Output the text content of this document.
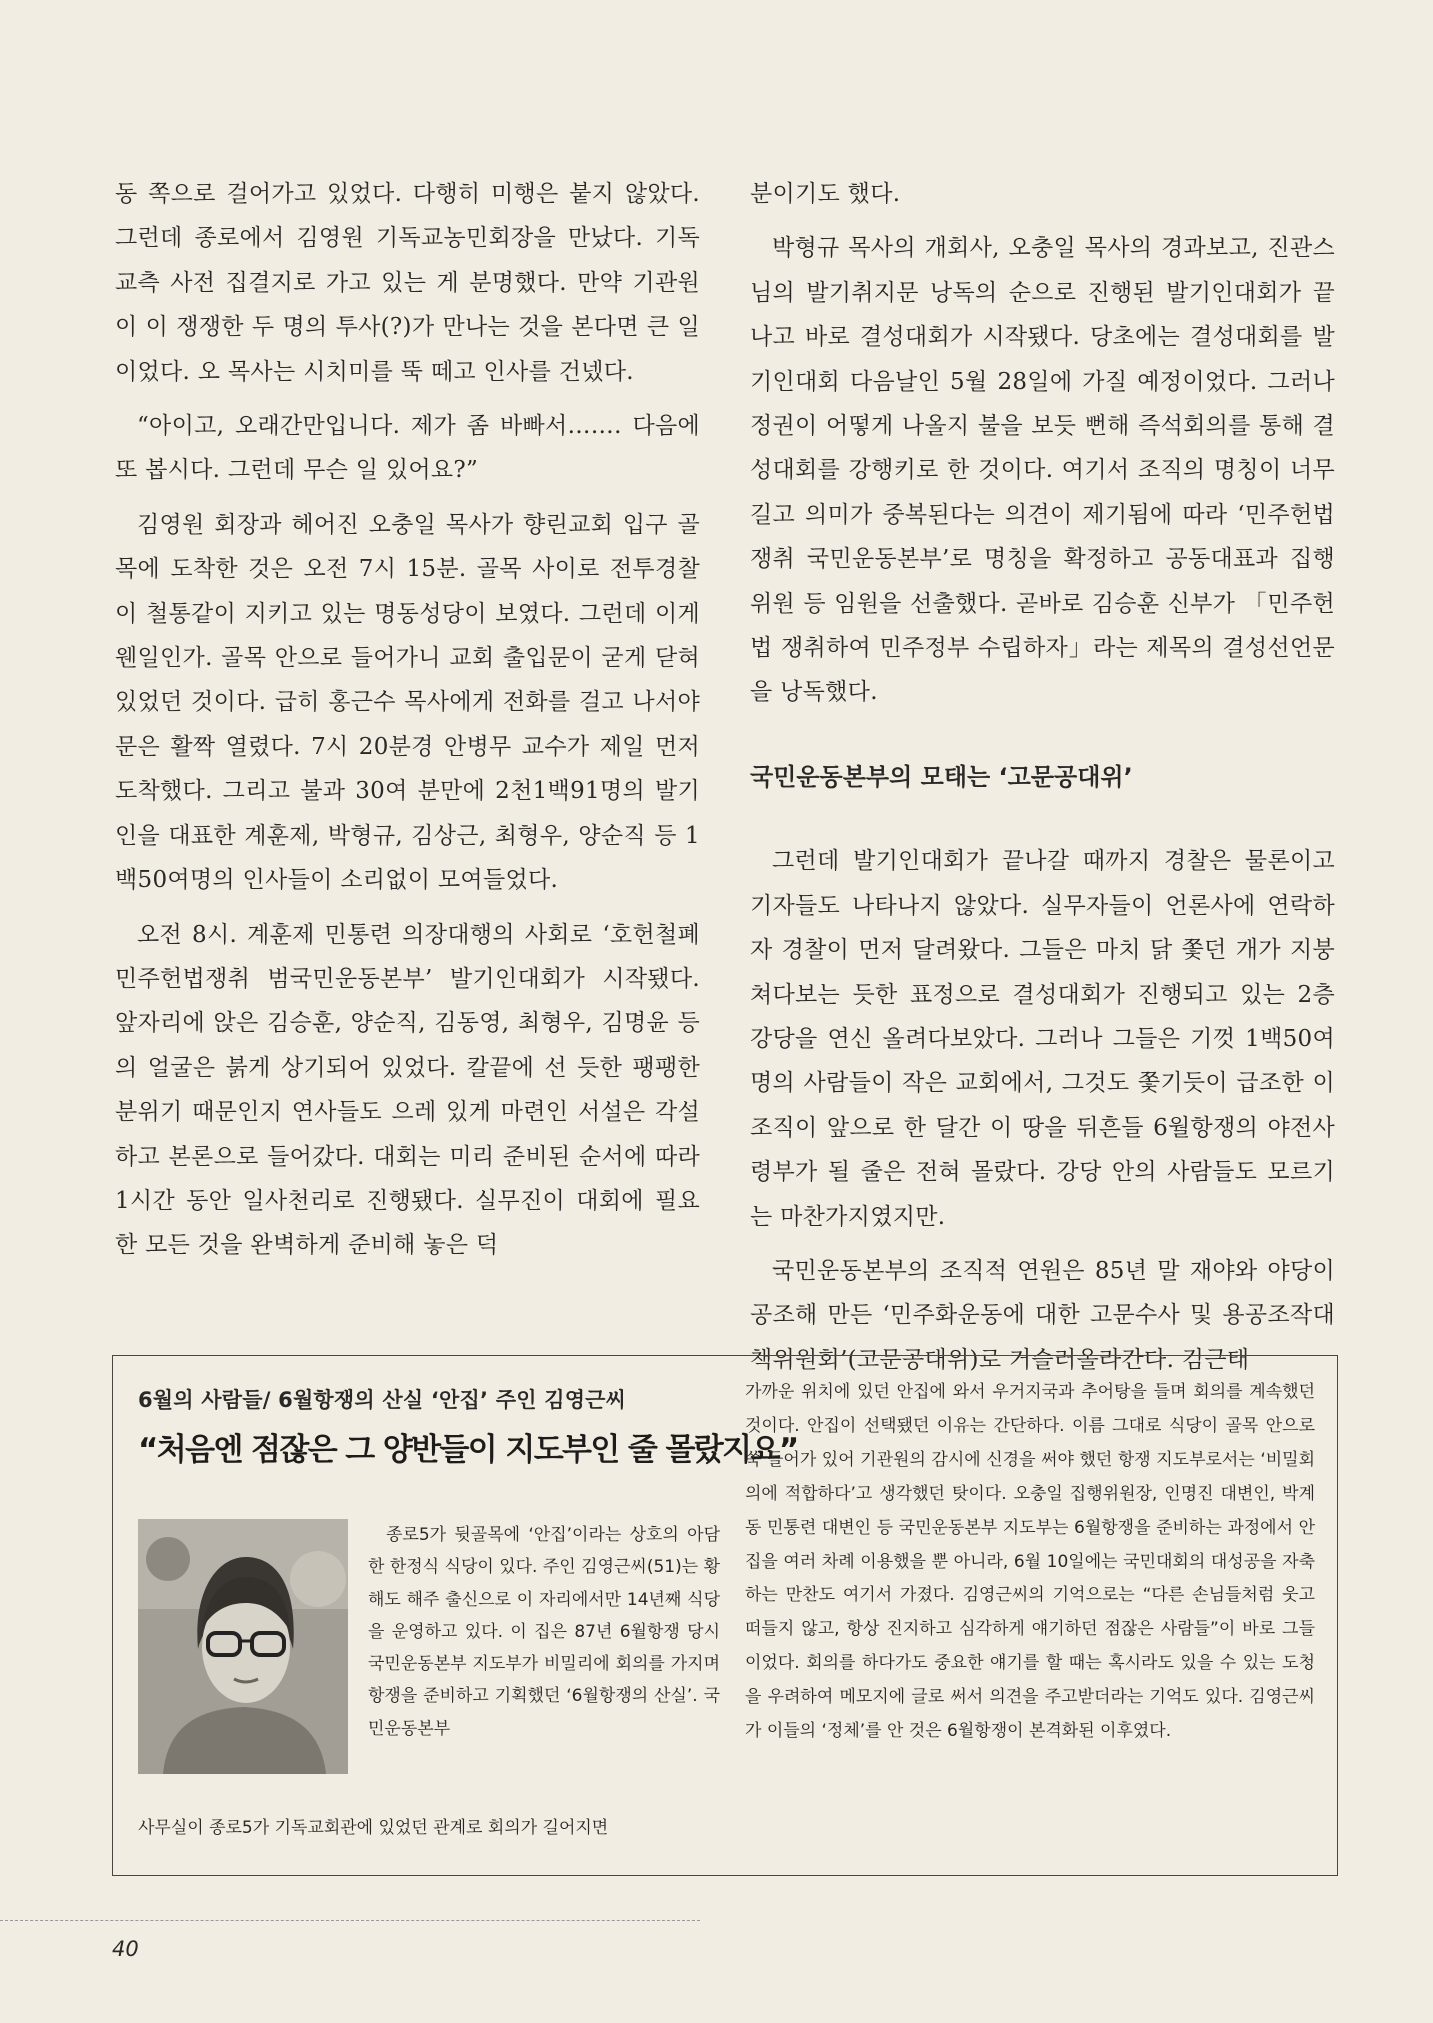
동 쪽으로 걸어가고 있었다. 다행히 미행은 붙지 않았다. 그런데 종로에서 김영원 기독교농민회장을 만났다. 기독교측 사전 집결지로 가고 있는 게 분명했다. 만약 기관원이 이 쟁쟁한 두 명의 투사(?)가 만나는 것을 본다면 큰 일이었다. 오 목사는 시치미를 뚝 떼고 인사를 건넸다.

“아이고, 오래간만입니다. 제가 좀 바빠서……. 다음에 또 봅시다. 그런데 무슨 일 있어요?”

김영원 회장과 헤어진 오충일 목사가 향린교회 입구 골목에 도착한 것은 오전 7시 15분. 골목 사이로 전투경찰이 철통같이 지키고 있는 명동성당이 보였다. 그런데 이게 웬일인가. 골목 안으로 들어가니 교회 출입문이 굳게 닫혀 있었던 것이다. 급히 홍근수 목사에게 전화를 걸고 나서야 문은 활짝 열렸다. 7시 20분경 안병무 교수가 제일 먼저 도착했다. 그리고 불과 30여 분만에 2천1백91명의 발기인을 대표한 계훈제, 박형규, 김상근, 최형우, 양순직 등 1백50여명의 인사들이 소리없이 모여들었다.

오전 8시. 계훈제 민통련 의장대행의 사회로 ‘호헌철폐민주헌법쟁취 범국민운동본부’ 발기인대회가 시작됐다. 앞자리에 앉은 김승훈, 양순직, 김동영, 최형우, 김명윤 등의 얼굴은 붉게 상기되어 있었다. 칼끝에 선 듯한 팽팽한 분위기 때문인지 연사들도 으레 있게 마련인 서설은 각설하고 본론으로 들어갔다. 대회는 미리 준비된 순서에 따라 1시간 동안 일사천리로 진행됐다. 실무진이 대회에 필요한 모든 것을 완벽하게 준비해 놓은 덕

분이기도 했다.

박형규 목사의 개회사, 오충일 목사의 경과보고, 진관스님의 발기취지문 낭독의 순으로 진행된 발기인대회가 끝나고 바로 결성대회가 시작됐다. 당초에는 결성대회를 발기인대회 다음날인 5월 28일에 가질 예정이었다. 그러나 정권이 어떻게 나올지 불을 보듯 뻔해 즉석회의를 통해 결성대회를 강행키로 한 것이다. 여기서 조직의 명칭이 너무 길고 의미가 중복된다는 의견이 제기됨에 따라 ‘민주헌법쟁취 국민운동본부’로 명칭을 확정하고 공동대표과 집행위원 등 임원을 선출했다. 곧바로 김승훈 신부가 「민주헌법 쟁취하여 민주정부 수립하자」라는 제목의 결성선언문을 낭독했다.

국민운동본부의 모태는 ‘고문공대위’

그런데 발기인대회가 끝나갈 때까지 경찰은 물론이고 기자들도 나타나지 않았다. 실무자들이 언론사에 연락하자 경찰이 먼저 달려왔다. 그들은 마치 닭 쫓던 개가 지붕 쳐다보는 듯한 표정으로 결성대회가 진행되고 있는 2층 강당을 연신 올려다보았다. 그러나 그들은 기껏 1백50여명의 사람들이 작은 교회에서, 그것도 쫓기듯이 급조한 이 조직이 앞으로 한 달간 이 땅을 뒤흔들 6월항쟁의 야전사령부가 될 줄은 전혀 몰랐다. 강당 안의 사람들도 모르기는 마찬가지였지만.

국민운동본부의 조직적 연원은 85년 말 재야와 야당이 공조해 만든 ‘민주화운동에 대한 고문수사 및 용공조작대책위원회’(고문공대위)로 거슬러올라간다. 김근태

6월의 사람들/ 6월항쟁의 산실 ‘안집’ 주인 김영근씨
“처음엔 점잖은 그 양반들이 지도부인 줄 몰랐지요”

종로5가 뒷골목에 ‘안집’이라는 상호의 아담한 한정식 식당이 있다. 주인 김영근씨(51)는 황해도 해주 출신으로 이 자리에서만 14년째 식당을 운영하고 있다. 이 집은 87년 6월항쟁 당시 국민운동본부 지도부가 비밀리에 회의를 가지며 항쟁을 준비하고 기획했던 ‘6월항쟁의 산실’. 국민운동본부

사무실이 종로5가 기독교회관에 있었던 관계로 회의가 길어지면

가까운 위치에 있던 안집에 와서 우거지국과 추어탕을 들며 회의를 계속했던 것이다. 안집이 선택됐던 이유는 간단하다. 이름 그대로 식당이 골목 안으로 쑥 들어가 있어 기관원의 감시에 신경을 써야 했던 항쟁 지도부로서는 ‘비밀회의에 적합하다’고 생각했던 탓이다. 오충일 집행위원장, 인명진 대변인, 박계동 민통련 대변인 등 국민운동본부 지도부는 6월항쟁을 준비하는 과정에서 안집을 여러 차례 이용했을 뿐 아니라, 6월 10일에는 국민대회의 대성공을 자축하는 만찬도 여기서 가졌다. 김영근씨의 기억으로는 “다른 손님들처럼 웃고 떠들지 않고, 항상 진지하고 심각하게 얘기하던 점잖은 사람들”이 바로 그들이었다. 회의를 하다가도 중요한 얘기를 할 때는 혹시라도 있을 수 있는 도청을 우려하여 메모지에 글로 써서 의견을 주고받더라는 기억도 있다. 김영근씨가 이들의 ‘정체’를 안 것은 6월항쟁이 본격화된 이후였다.

40
